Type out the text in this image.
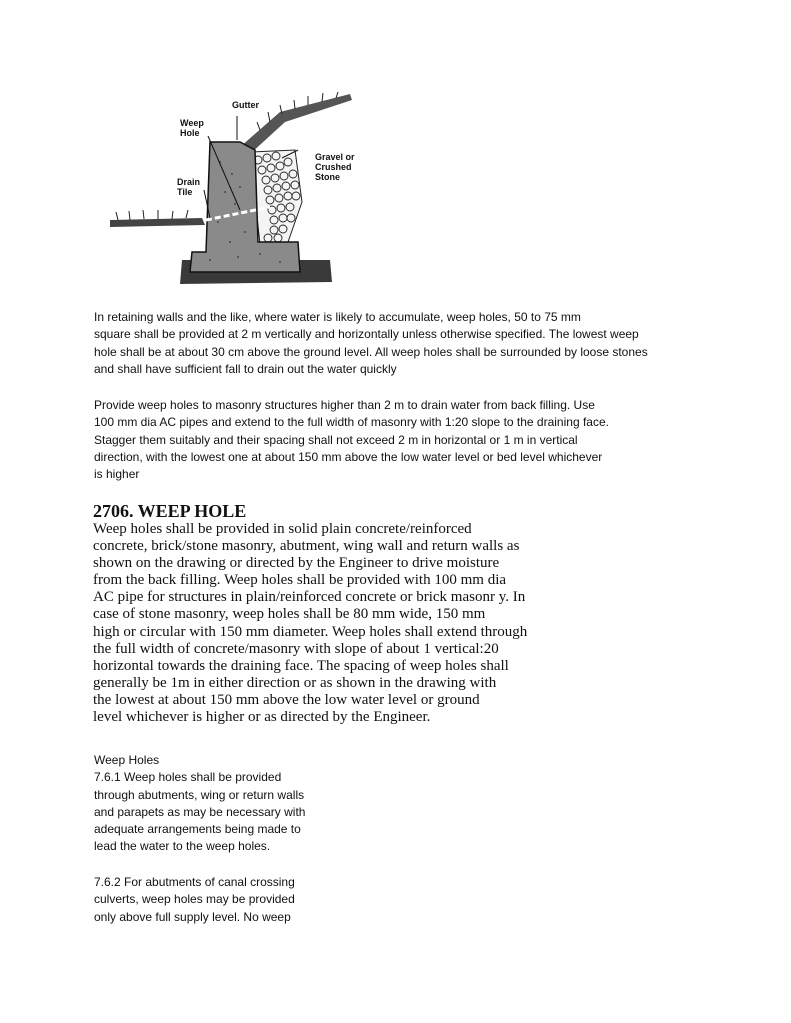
Gutter
Weep
Hole
Drain
Tile
Gravel or
Crushed
Stone

In retaining walls and the like, where water is likely to accumulate, weep holes, 50 to 75 mm
square shall be provided at 2 m vertically and horizontally unless otherwise specified. The lowest weep
hole shall be at about 30 cm above the ground level. All weep holes shall be surrounded by loose stones
and shall have sufficient fall to drain out the water quickly

Provide weep holes to masonry structures higher than 2 m to drain water from back filling. Use
100 mm dia AC pipes and extend to the full width of masonry with 1:20 slope to the draining face.
Stagger them suitably and their spacing shall not exceed 2 m in horizontal or 1 m in vertical
direction, with the lowest one at about 150 mm above the low water level or bed level whichever
is higher

2706. WEEP HOLE

Weep holes shall be provided in solid plain concrete/reinforced
concrete, brick/stone masonry, abutment, wing wall and return walls as
shown on the drawing or directed by the Engineer to drive moisture
from the back filling. Weep holes shall be provided with 100 mm dia
AC pipe for structures in plain/reinforced concrete or brick masonr y. In
case of stone masonry, weep holes shall be 80 mm wide, 150 mm
high or circular with 150 mm diameter. Weep holes shall extend through
the full width of concrete/masonry with slope of about 1 vertical:20
horizontal towards the draining face. The spacing of weep holes shall
generally be 1m in either direction or as shown in the drawing with
the lowest at about 150 mm above the low water level or ground
level whichever is higher or as directed by the Engineer.

Weep Holes
7.6.1 Weep holes shall be provided
through abutments, wing or return walls
and parapets as may be necessary with
adequate arrangements being made to
lead the water to the weep holes.

7.6.2 For abutments of canal crossing
culverts, weep holes may be provided
only above full supply level. No weep
